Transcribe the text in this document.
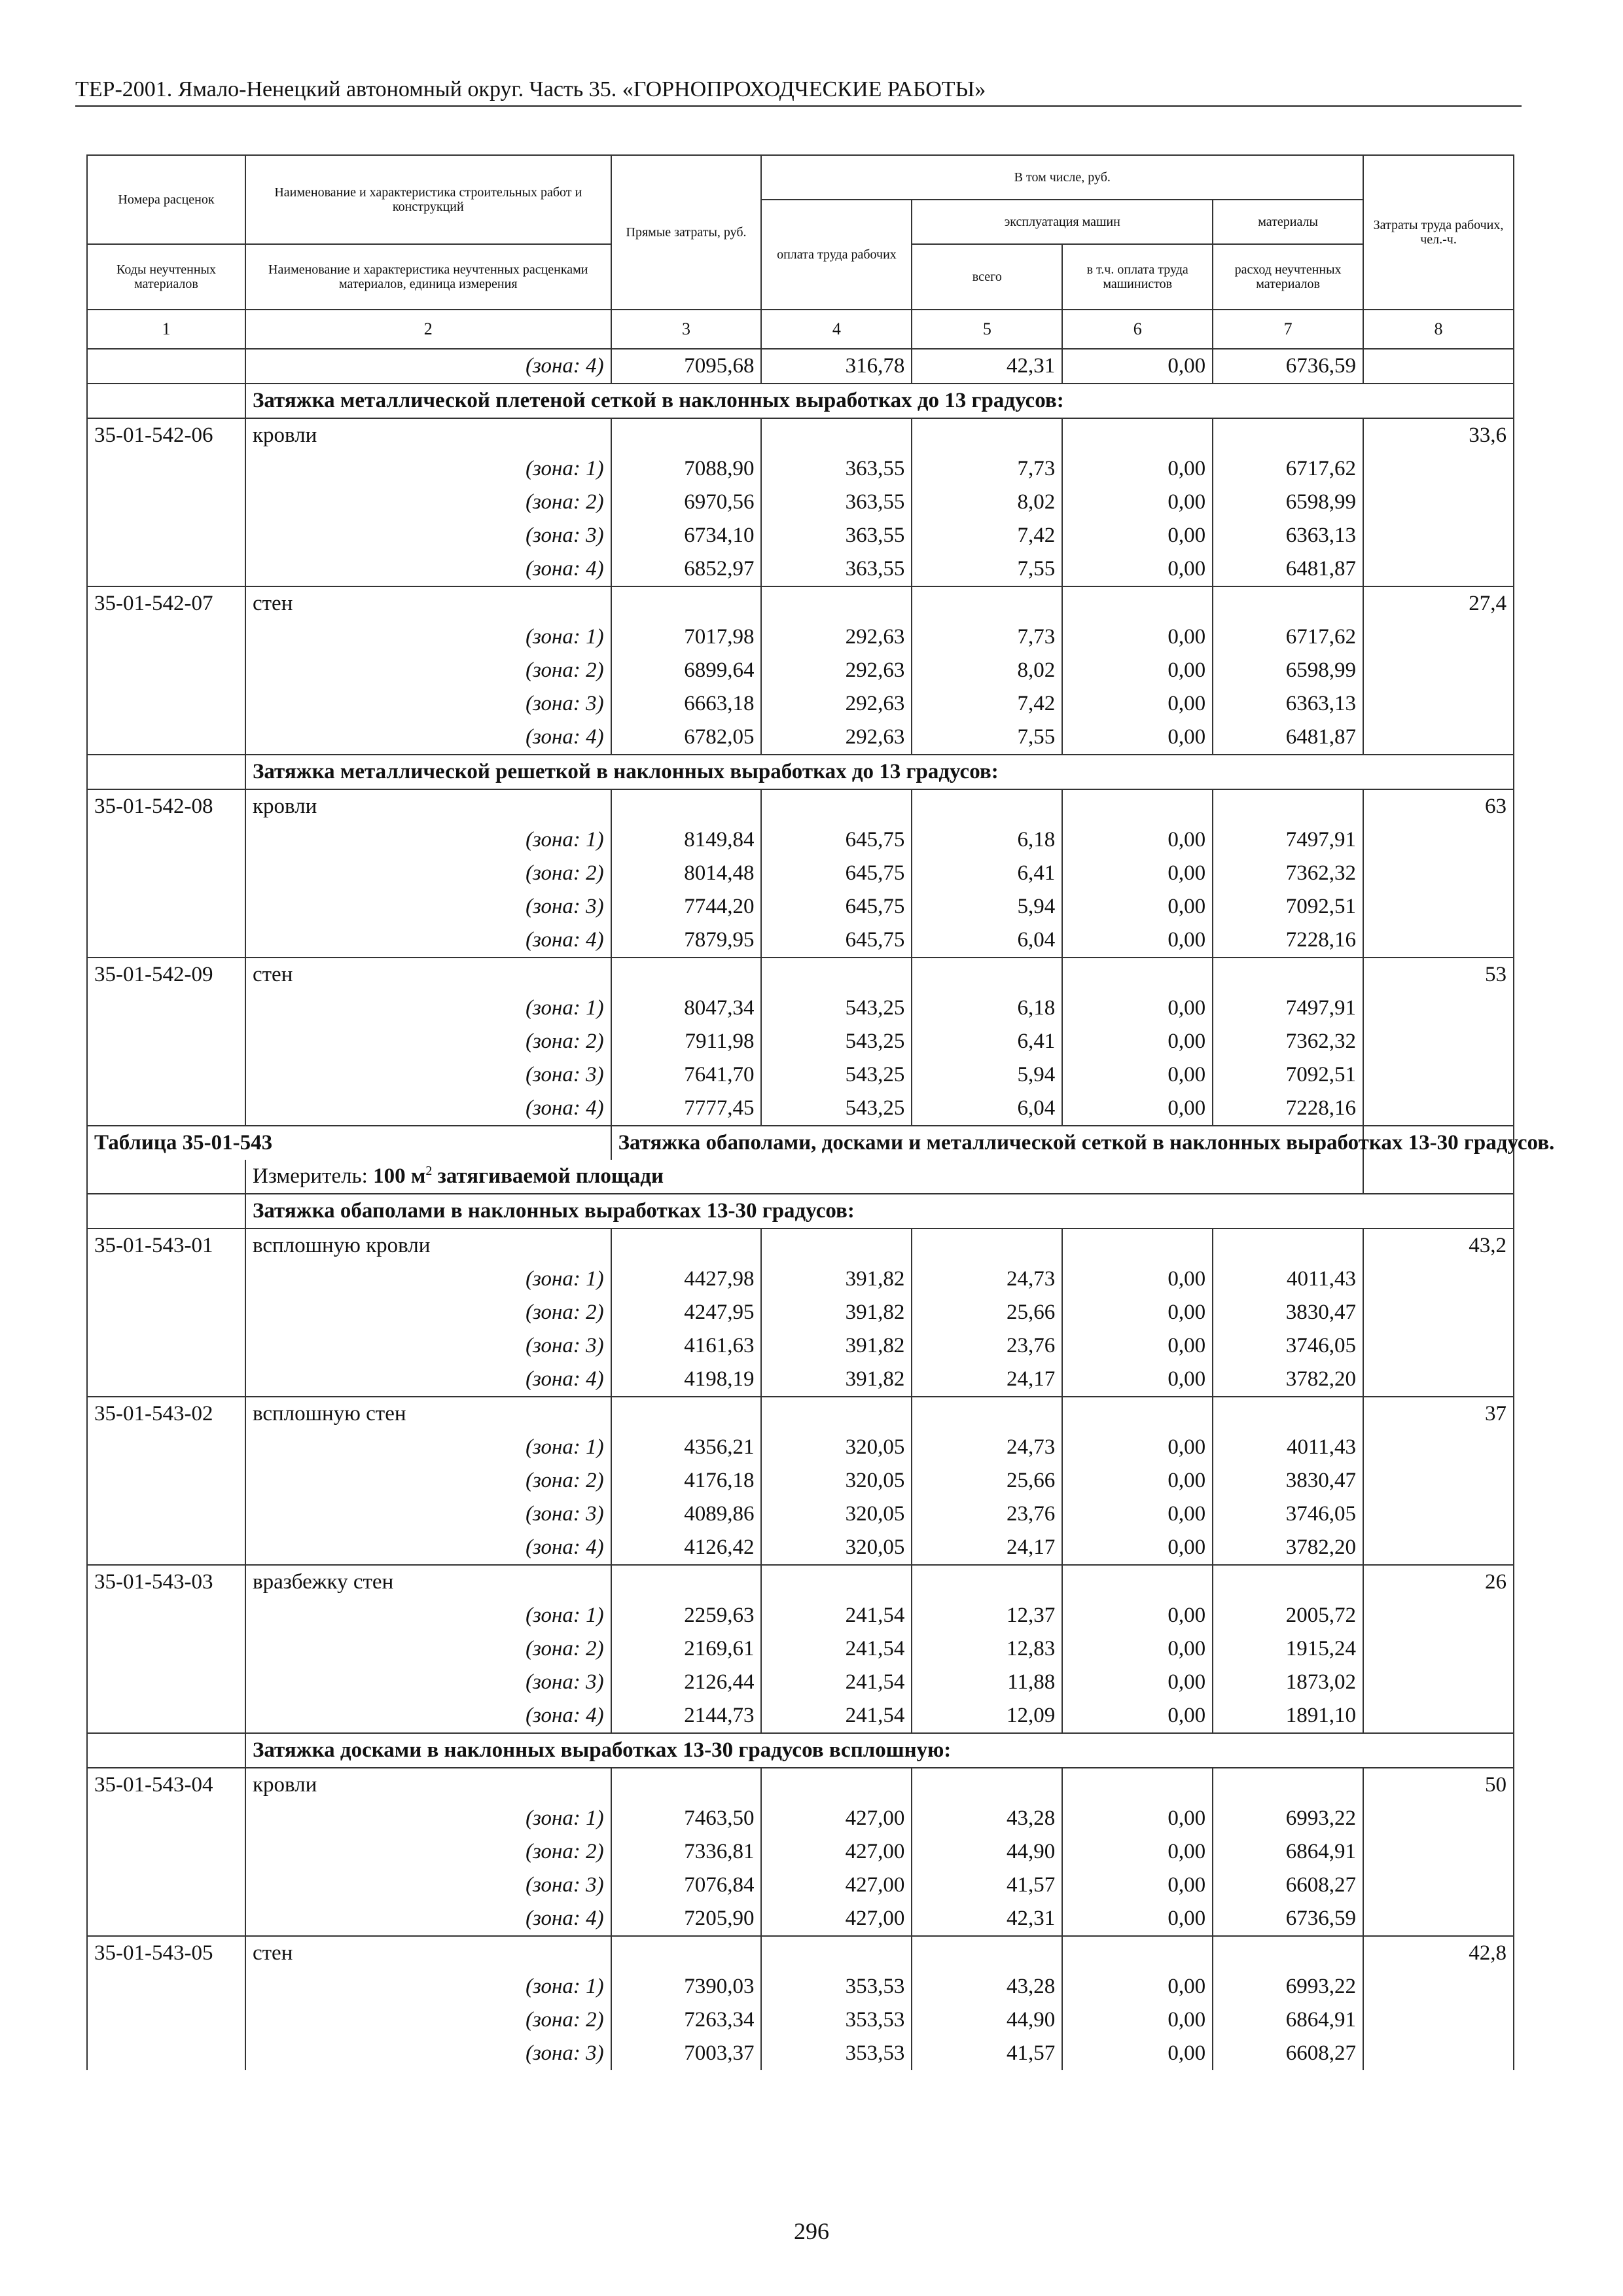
ТЕР-2001. Ямало-Ненецкий автономный округ. Часть 35. «ГОРНОПРОХОДЧЕСКИЕ РАБОТЫ»
Номера расценок	Наименование и характеристика строительных работ и конструкций	Прямые затраты, руб.	В том числе, руб.				Затраты труда рабочих, чел.-ч.
			оплата труда рабочих	эксплуатация машин		материалы	
Коды неучтенных материалов	Наименование и характеристика неучтенных расценками материалов, единица измерения			всего	в т.ч. оплата труда машинистов	расход неучтенных материалов	
1	2	3	4	5	6	7	8
	(зона: 4)	7095,68	316,78	42,31	0,00	6736,59	
	Затяжка металлической плетеной сеткой в наклонных выработках до 13 градусов:						
35-01-542-06	кровли						33,6
	(зона: 1)	7088,90	363,55	7,73	0,00	6717,62	
	(зона: 2)	6970,56	363,55	8,02	0,00	6598,99	
	(зона: 3)	6734,10	363,55	7,42	0,00	6363,13	
	(зона: 4)	6852,97	363,55	7,55	0,00	6481,87	
35-01-542-07	стен						27,4
	(зона: 1)	7017,98	292,63	7,73	0,00	6717,62	
	(зона: 2)	6899,64	292,63	8,02	0,00	6598,99	
	(зона: 3)	6663,18	292,63	7,42	0,00	6363,13	
	(зона: 4)	6782,05	292,63	7,55	0,00	6481,87	
	Затяжка металлической решеткой в наклонных выработках до 13 градусов:						
35-01-542-08	кровли						63
	(зона: 1)	8149,84	645,75	6,18	0,00	7497,91	
	(зона: 2)	8014,48	645,75	6,41	0,00	7362,32	
	(зона: 3)	7744,20	645,75	5,94	0,00	7092,51	
	(зона: 4)	7879,95	645,75	6,04	0,00	7228,16	
35-01-542-09	стен						53
	(зона: 1)	8047,34	543,25	6,18	0,00	7497,91	
	(зона: 2)	7911,98	543,25	6,41	0,00	7362,32	
	(зона: 3)	7641,70	543,25	5,94	0,00	7092,51	
	(зона: 4)	7777,45	543,25	6,04	0,00	7228,16	
Таблица 35-01-543		Затяжка обаполами, досками и металлической сеткой в наклонных выработках 13-30 градусов.					
	Измеритель: 100 $м^2$ затягиваемой площади						
	Затяжка обаполами в наклонных выработках 13-30 градусов:						
35-01-543-01	всплошную кровли						43,2
	(зона: 1)	4427,98	391,82	24,73	0,00	4011,43	
	(зона: 2)	4247,95	391,82	25,66	0,00	3830,47	
	(зона: 3)	4161,63	391,82	23,76	0,00	3746,05	
	(зона: 4)	4198,19	391,82	24,17	0,00	3782,20	
35-01-543-02	всплошную стен						37
	(зона: 1)	4356,21	320,05	24,73	0,00	4011,43	
	(зона: 2)	4176,18	320,05	25,66	0,00	3830,47	
	(зона: 3)	4089,86	320,05	23,76	0,00	3746,05	
	(зона: 4)	4126,42	320,05	24,17	0,00	3782,20	
35-01-543-03	вразбежку стен						26
	(зона: 1)	2259,63	241,54	12,37	0,00	2005,72	
	(зона: 2)	2169,61	241,54	12,83	0,00	1915,24	
	(зона: 3)	2126,44	241,54	11,88	0,00	1873,02	
	(зона: 4)	2144,73	241,54	12,09	0,00	1891,10	
	Затяжка досками в наклонных выработках 13-30 градусов всплошную:						
35-01-543-04	кровли						50
	(зона: 1)	7463,50	427,00	43,28	0,00	6993,22	
	(зона: 2)	7336,81	427,00	44,90	0,00	6864,91	
	(зона: 3)	7076,84	427,00	41,57	0,00	6608,27	
	(зона: 4)	7205,90	427,00	42,31	0,00	6736,59	
35-01-543-05	стен						42,8
	(зона: 1)	7390,03	353,53	43,28	0,00	6993,22	
	(зона: 2)	7263,34	353,53	44,90	0,00	6864,91	
	(зона: 3)	7003,37	353,53	41,57	0,00	6608,27	
296
